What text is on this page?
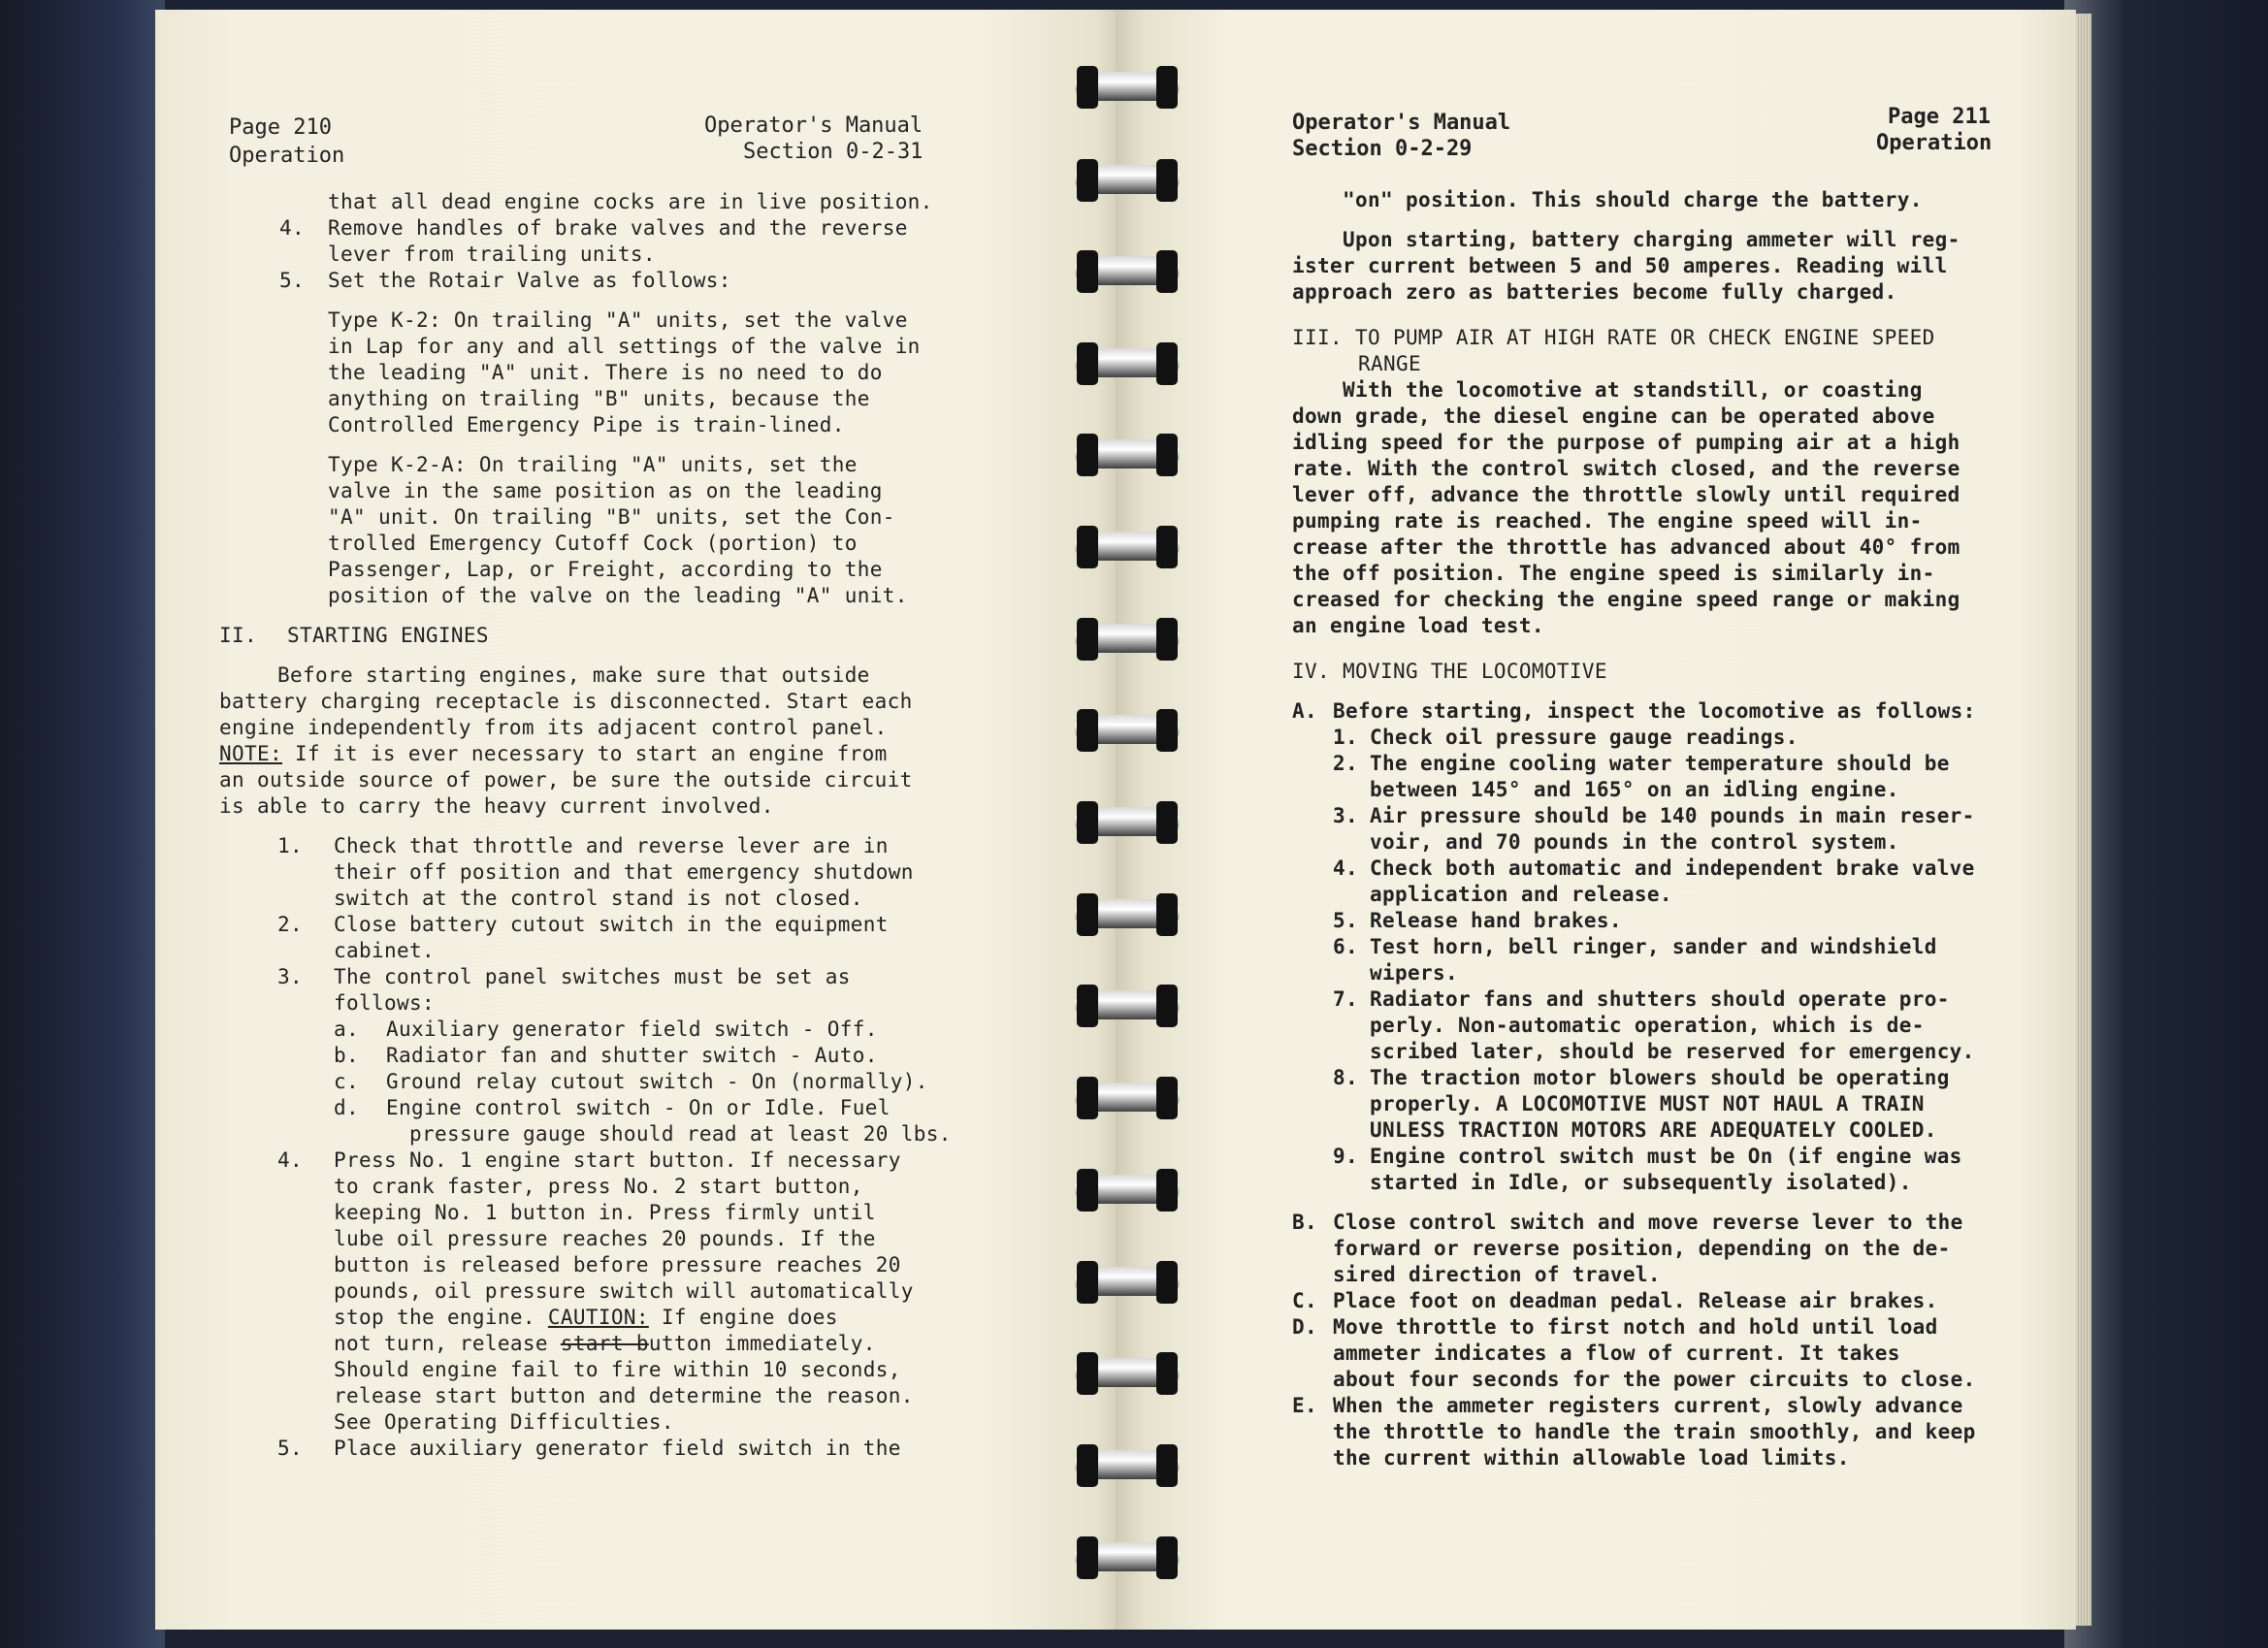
Page 210
Operation
Operator's Manual
Section 0-2-31
that all dead engine cocks are in live position.
4. Remove handles of brake valves and the reverse
lever from trailing units.
5. Set the Rotair Valve as follows:
Type K-2: On trailing "A" units, set the valve
in Lap for any and all settings of the valve in
the leading "A" unit. There is no need to do
anything on trailing "B" units, because the
Controlled Emergency Pipe is train-lined.
Type K-2-A: On trailing "A" units, set the
valve in the same position as on the leading
"A" unit. On trailing "B" units, set the Con-
trolled Emergency Cutoff Cock (portion) to
Passenger, Lap, or Freight, according to the
position of the valve on the leading "A" unit.
II. STARTING ENGINES
Before starting engines, make sure that outside
battery charging receptacle is disconnected. Start each
engine independently from its adjacent control panel.
NOTE: If it is ever necessary to start an engine from
an outside source of power, be sure the outside circuit
is able to carry the heavy current involved.
1. Check that throttle and reverse lever are in
their off position and that emergency shutdown
switch at the control stand is not closed.
2. Close battery cutout switch in the equipment
cabinet.
3. The control panel switches must be set as
follows:
a. Auxiliary generator field switch - Off.
b. Radiator fan and shutter switch - Auto.
c. Ground relay cutout switch - On (normally).
d. Engine control switch - On or Idle. Fuel
pressure gauge should read at least 20 lbs.
4. Press No. 1 engine start button. If necessary
to crank faster, press No. 2 start button,
keeping No. 1 button in. Press firmly until
lube oil pressure reaches 20 pounds. If the
button is released before pressure reaches 20
pounds, oil pressure switch will automatically
stop the engine. CAUTION: If engine does
not turn, release start button immediately.
Should engine fail to fire within 10 seconds,
release start button and determine the reason.
See Operating Difficulties.
5. Place auxiliary generator field switch in the
Operator's Manual
Section 0-2-29
Page 211
Operation
"on" position. This should charge the battery.
Upon starting, battery charging ammeter will reg-
ister current between 5 and 50 amperes. Reading will
approach zero as batteries become fully charged.
III. TO PUMP AIR AT HIGH RATE OR CHECK ENGINE SPEED
RANGE
With the locomotive at standstill, or coasting
down grade, the diesel engine can be operated above
idling speed for the purpose of pumping air at a high
rate. With the control switch closed, and the reverse
lever off, advance the throttle slowly until required
pumping rate is reached. The engine speed will in-
crease after the throttle has advanced about 40° from
the off position. The engine speed is similarly in-
creased for checking the engine speed range or making
an engine load test.
IV. MOVING THE LOCOMOTIVE
A. Before starting, inspect the locomotive as follows:
1. Check oil pressure gauge readings.
2. The engine cooling water temperature should be
between 145° and 165° on an idling engine.
3. Air pressure should be 140 pounds in main reser-
voir, and 70 pounds in the control system.
4. Check both automatic and independent brake valve
application and release.
5. Release hand brakes.
6. Test horn, bell ringer, sander and windshield
wipers.
7. Radiator fans and shutters should operate pro-
perly. Non-automatic operation, which is de-
scribed later, should be reserved for emergency.
8. The traction motor blowers should be operating
properly. A LOCOMOTIVE MUST NOT HAUL A TRAIN
UNLESS TRACTION MOTORS ARE ADEQUATELY COOLED.
9. Engine control switch must be On (if engine was
started in Idle, or subsequently isolated).
B. Close control switch and move reverse lever to the
forward or reverse position, depending on the de-
sired direction of travel.
C. Place foot on deadman pedal. Release air brakes.
D. Move throttle to first notch and hold until load
ammeter indicates a flow of current. It takes
about four seconds for the power circuits to close.
E. When the ammeter registers current, slowly advance
the throttle to handle the train smoothly, and keep
the current within allowable load limits.
